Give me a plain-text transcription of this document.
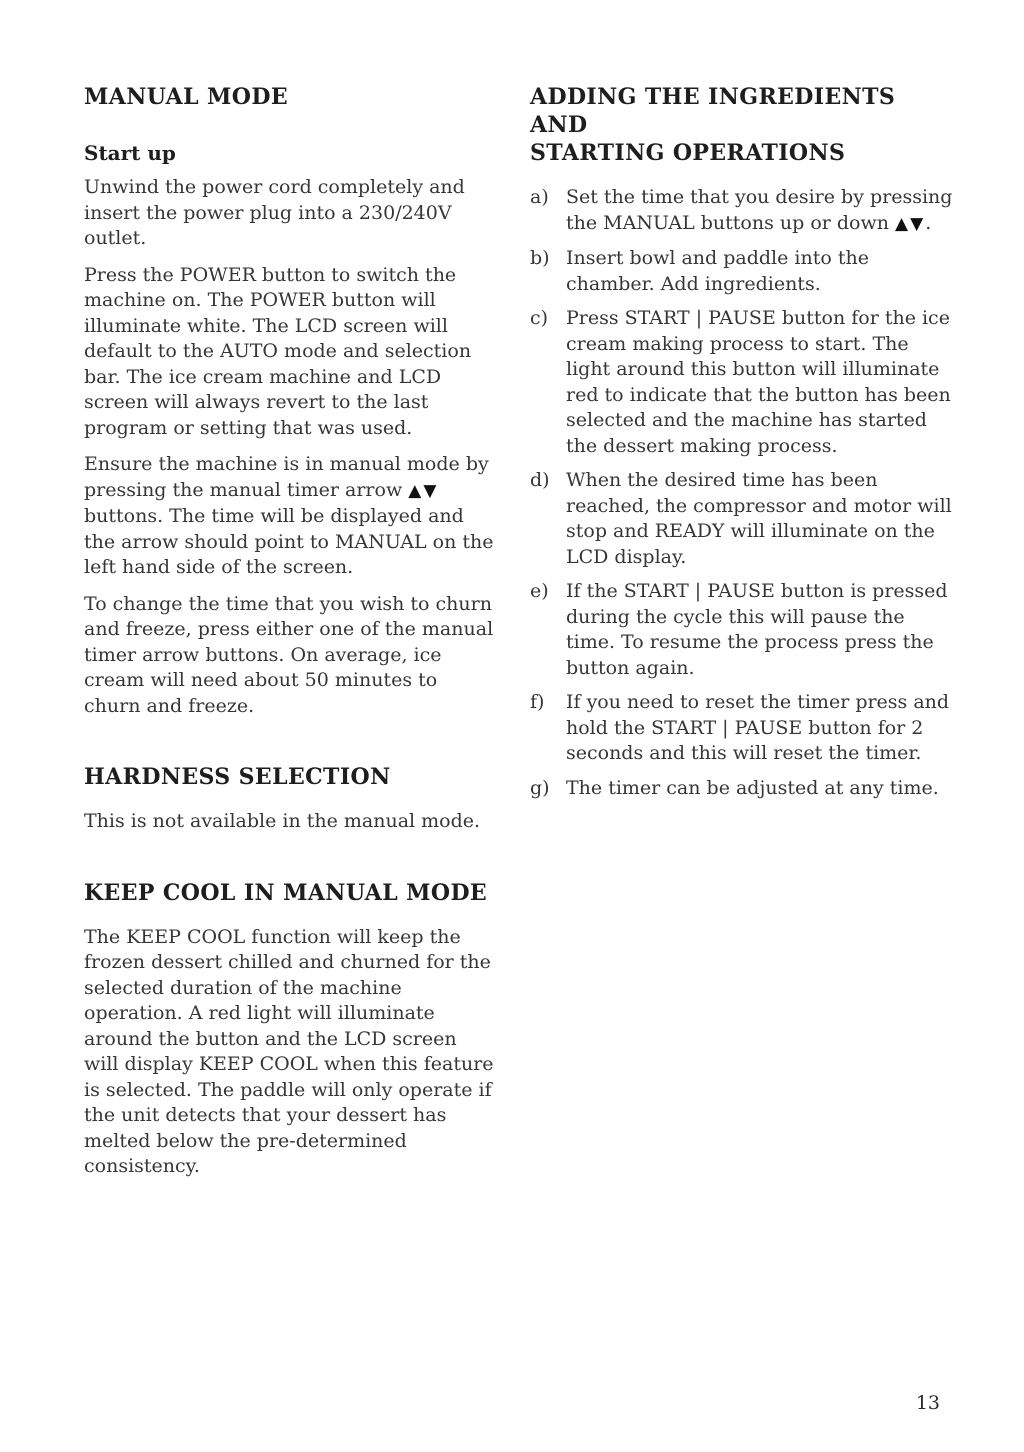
MANUAL MODE
Start up

Unwind the power cord completely and insert the power plug into a 230/240V outlet.

Press the POWER button to switch the machine on. The POWER button will illuminate white. The LCD screen will default to the AUTO mode and selection bar. The ice cream machine and LCD screen will always revert to the last program or setting that was used.

Ensure the machine is in manual mode by pressing the manual timer arrow ▲▼ buttons. The time will be displayed and the arrow should point to MANUAL on the left hand side of the screen.

To change the time that you wish to churn and freeze, press either one of the manual timer arrow buttons. On average, ice cream will need about 50 minutes to churn and freeze.

HARDNESS SELECTION

This is not available in the manual mode.

KEEP COOL IN MANUAL MODE

The KEEP COOL function will keep the frozen dessert chilled and churned for the selected duration of the machine operation. A red light will illuminate around the button and the LCD screen will display KEEP COOL when this feature is selected. The paddle will only operate if the unit detects that your dessert has melted below the pre-determined consistency.

ADDING THE INGREDIENTS AND
STARTING OPERATIONS
a) Set the time that you desire by pressing the MANUAL buttons up or down ▲▼.
b) Insert bowl and paddle into the chamber. Add ingredients.
c) Press START | PAUSE button for the ice cream making process to start. The light around this button will illuminate red to indicate that the button has been selected and the machine has started the dessert making process.
d) When the desired time has been reached, the compressor and motor will stop and READY will illuminate on the LCD display.
e) If the START | PAUSE button is pressed during the cycle this will pause the time. To resume the process press the button again.
f)	If you need to reset the timer press and hold the START | PAUSE button for 2 seconds and this will reset the timer.
g) The timer can be adjusted at any time.
13
